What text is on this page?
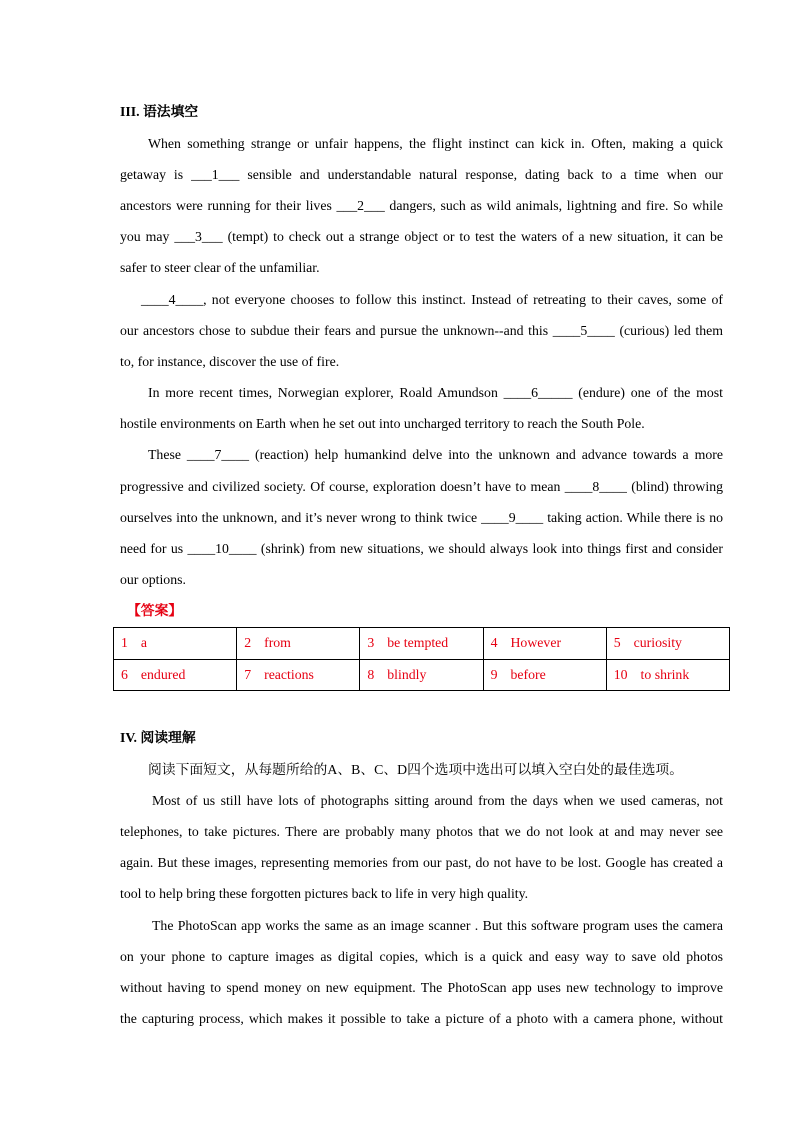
III. 语法填空
When something strange or unfair happens, the flight instinct can kick in. Often, making a quick
getaway is ___1___ sensible and understandable natural response, dating back to a time when our
ancestors were running for their lives ___2___ dangers, such as wild animals, lightning and fire. So while
you may ___3___ (tempt) to check out a strange object or to test the waters of a new situation, it can be
safer to steer clear of the unfamiliar.
____4____, not everyone chooses to follow this instinct. Instead of retreating to their caves, some of
our ancestors chose to subdue their fears and pursue the unknown--and this ____5____ (curious) led them
to, for instance, discover the use of fire.
In more recent times, Norwegian explorer, Roald Amundson ____6_____ (endure) one of the most
hostile environments on Earth when he set out into uncharged territory to reach the South Pole.
These ____7____ (reaction) help humankind delve into the unknown and advance towards a more
progressive and civilized society. Of course, exploration doesn’t have to mean ____8____ (blind) throwing
ourselves into the unknown, and it’s never wrong to think twice ____9____ taking action. While there is no
need for us ____10____ (shrink) from new situations, we should always look into things first and consider
our options.
【答案】
1 a	2 from	3 be tempted	4 However	5 curiosity
6 endured	7 reactions	8 blindly	9 before	10 to shrink
IV. 阅读理解
阅读下面短文，从每题所给的A、B、C、D四个选项中选出可以填入空白处的最佳选项。
Most of us still have lots of photographs sitting around from the days when we used cameras, not
telephones, to take pictures. There are probably many photos that we do not look at and may never see
again. But these images, representing memories from our past, do not have to be lost. Google has created a
tool to help bring these forgotten pictures back to life in very high quality.
The PhotoScan app works the same as an image scanner . But this software program uses the camera
on your phone to capture images as digital copies, which is a quick and easy way to save old photos
without having to spend money on new equipment. The PhotoScan app uses new technology to improve
the capturing process, which makes it possible to take a picture of a photo with a camera phone, without
